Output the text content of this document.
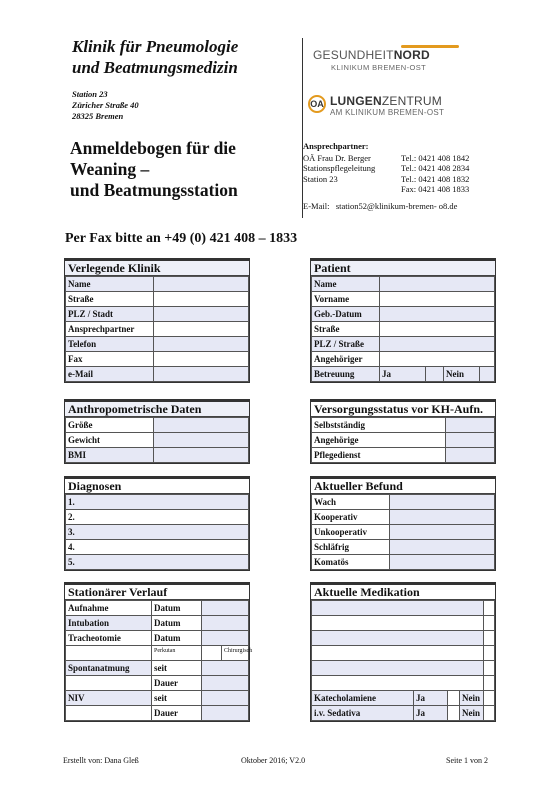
Klinik für Pneumologie
und Beatmungsmedizin
Station 23
Züricher Straße 40
28325 Bremen
Anmeldebogen für die
Weaning –
und Beatmungsstation
GESUNDHEITNORD
KLINIKUM BREMEN-OST
OA LUNGENZENTRUM
AM KLINIKUM BREMEN-OST
Ansprechpartner:
OÄ Frau Dr. Berger	Tel.: 0421 408 1842
Stationspflegeleitung	Tel.: 0421 408 2834
Station 23	Tel.: 0421 408 1832
Fax: 0421 408 1833
E-Mail: station52@klinikum-bremen- o8.de
Per Fax bitte an +49 (0) 421 408 – 1833
Verlegende Klinik
Name	
Straße	
PLZ / Stadt	
Ansprechpartner	
Telefon	
Fax	
e-Mail	
Patient
Name				
Vorname				
Geb.-Datum				
Straße				
PLZ / Straße				
Angehöriger				
Betreuung	Ja		Nein	
Anthropometrische Daten
Größe	
Gewicht	
BMI	
Versorgungsstatus vor KH-Aufn.
Selbstständig	
Angehörige	
Pflegedienst	
Diagnosen
1.
2.
3.
4.
5.
Aktueller Befund
Wach	
Kooperativ	
Unkooperativ	
Schläfrig	
Komatös	
Stationärer Verlauf
Aufnahme	Datum		
Intubation	Datum		
Tracheotomie	Datum		
	Perkutan		Chirurgisch
Spontanatmung	seit		
	Dauer		
NIV	seit		
	Dauer		
Aktuelle Medikation

Katecholamiene	Ja		Nein	
i.v. Sedativa	Ja		Nein	
Erstellt von: Dana Gleß	Oktober 2016; V2.0	Seite 1 von 2
